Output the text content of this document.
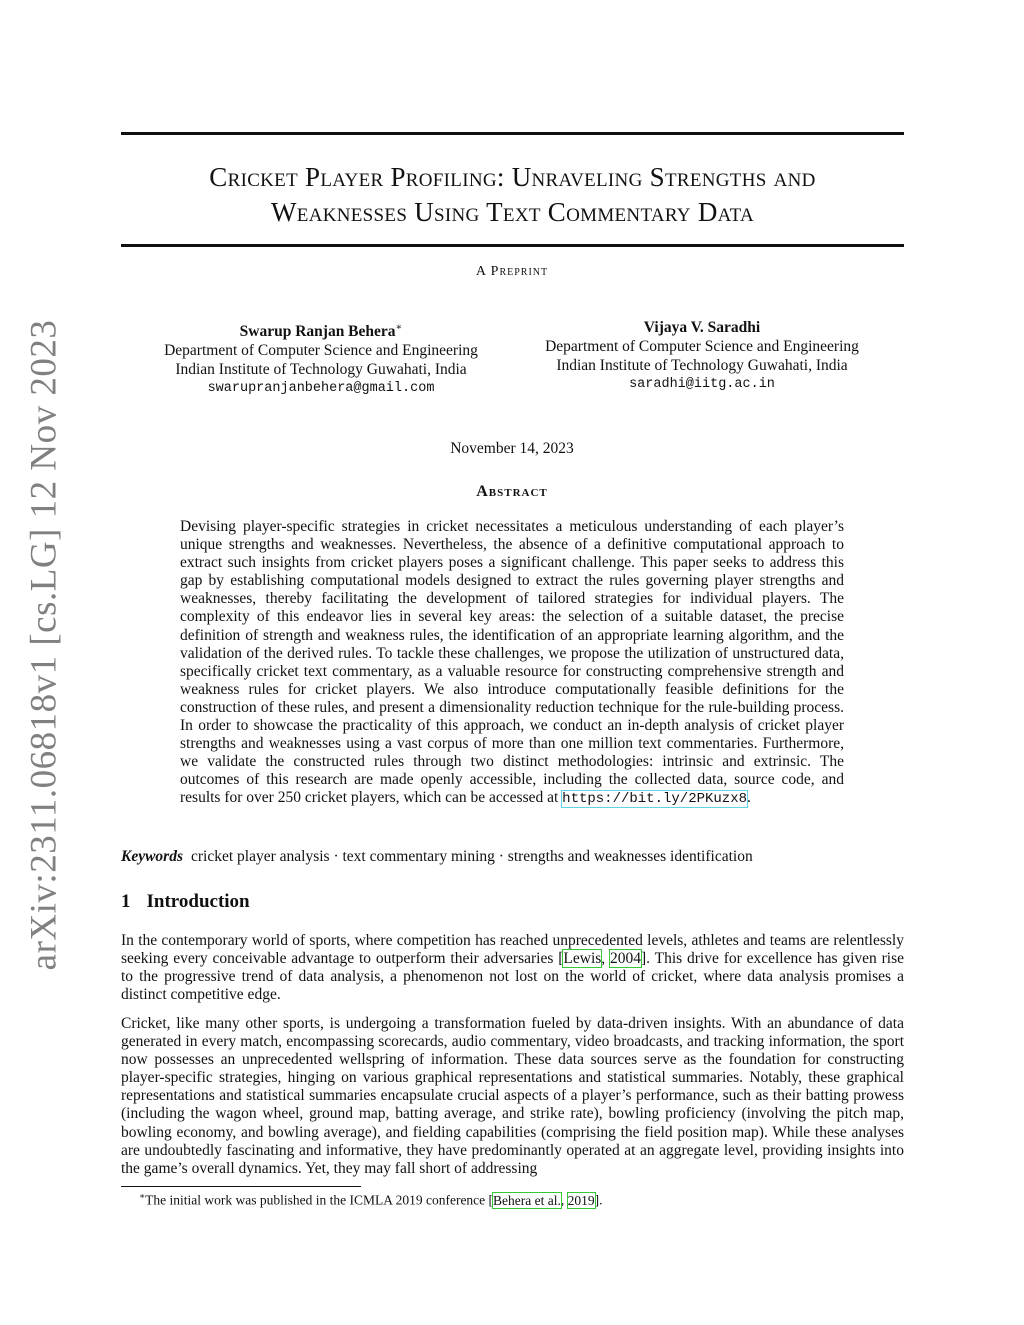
arXiv:2311.06818v1 [cs.LG] 12 Nov 2023
Cricket Player Profiling: Unraveling Strengths and
Weaknesses Using Text Commentary Data
A Preprint
Swarup Ranjan Behera∗
Department of Computer Science and Engineering
Indian Institute of Technology Guwahati, India
swarupranjanbehera@gmail.com
Vijaya V. Saradhi
Department of Computer Science and Engineering
Indian Institute of Technology Guwahati, India
saradhi@iitg.ac.in
November 14, 2023
Abstract

Devising player-specific strategies in cricket necessitates a meticulous understanding of each player’s unique strengths and weaknesses. Nevertheless, the absence of a definitive computational approach to extract such insights from cricket players poses a significant challenge. This paper seeks to address this gap by establishing computational models designed to extract the rules governing player strengths and weaknesses, thereby facilitating the development of tailored strategies for individual players. The complexity of this endeavor lies in several key areas: the selection of a suitable dataset, the precise definition of strength and weakness rules, the identification of an appropriate learning algorithm, and the validation of the derived rules. To tackle these challenges, we propose the utilization of unstructured data, specifically cricket text commentary, as a valuable resource for constructing comprehensive strength and weakness rules for cricket players. We also introduce computationally feasible definitions for the construction of these rules, and present a dimensionality reduction technique for the rule-building process. In order to showcase the practicality of this approach, we conduct an in-depth analysis of cricket player strengths and weaknesses using a vast corpus of more than one million text commentaries. Furthermore, we validate the constructed rules through two distinct methodologies: intrinsic and extrinsic. The outcomes of this research are made openly accessible, including the collected data, source code, and results for over 250 cricket players, which can be accessed at https://bit.ly/2PKuzx8.

Keywords cricket player analysis · text commentary mining · strengths and weaknesses identification

1 Introduction

In the contemporary world of sports, where competition has reached unprecedented levels, athletes and teams are relentlessly seeking every conceivable advantage to outperform their adversaries [Lewis, 2004]. This drive for excellence has given rise to the progressive trend of data analysis, a phenomenon not lost on the world of cricket, where data analysis promises a distinct competitive edge.

Cricket, like many other sports, is undergoing a transformation fueled by data-driven insights. With an abundance of data generated in every match, encompassing scorecards, audio commentary, video broadcasts, and tracking information, the sport now possesses an unprecedented wellspring of information. These data sources serve as the foundation for constructing player-specific strategies, hinging on various graphical representations and statistical summaries. Notably, these graphical representations and statistical summaries encapsulate crucial aspects of a player’s performance, such as their batting prowess (including the wagon wheel, ground map, batting average, and strike rate), bowling proficiency (involving the pitch map, bowling economy, and bowling average), and fielding capabilities (comprising the field position map). While these analyses are undoubtedly fascinating and informative, they have predominantly operated at an aggregate level, providing insights into the game’s overall dynamics. Yet, they may fall short of addressing

∗The initial work was published in the ICMLA 2019 conference [Behera et al., 2019].
